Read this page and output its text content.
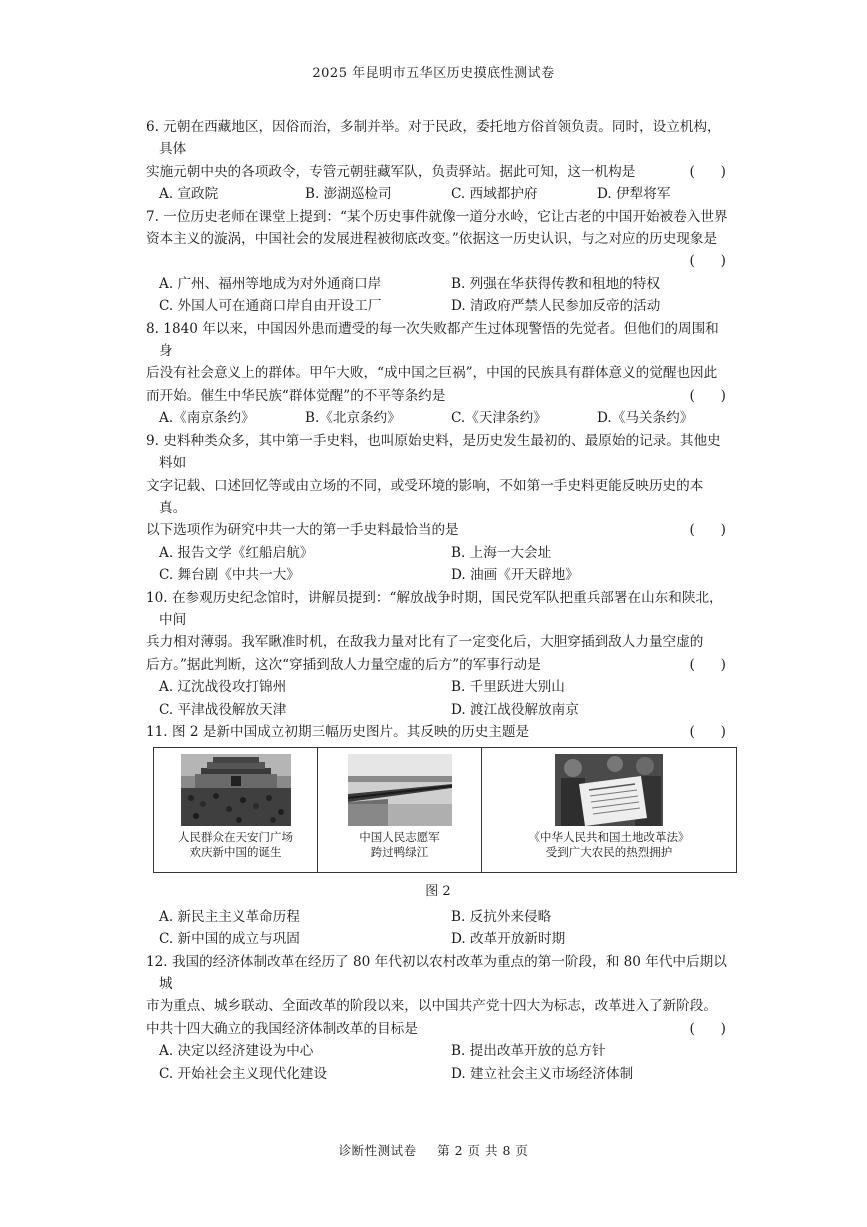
2025 年昆明市五华区历史摸底性测试卷
6. 元朝在西藏地区，因俗而治，多制并举。对于民政，委托地方俗首领负责。同时，设立机构，具体
实施元朝中央的各项政令，专管元朝驻藏军队，负责驿站。据此可知，这一机构是	(      )
A. 宣政院	B. 澎湖巡检司	C. 西域都护府	D. 伊犁将军
7. 一位历史老师在课堂上提到：“某个历史事件就像一道分水岭，它让古老的中国开始被卷入世界
资本主义的漩涡，中国社会的发展进程被彻底改变。”依据这一历史认识，与之对应的历史现象是
(      )
A. 广州、福州等地成为对外通商口岸	B. 列强在华获得传教和租地的特权
C. 外国人可在通商口岸自由开设工厂	D. 清政府严禁人民参加反帝的活动
8. 1840 年以来，中国因外患而遭受的每一次失败都产生过体现警悟的先觉者。但他们的周围和身
后没有社会意义上的群体。甲午大败，“成中国之巨祸”，中国的民族具有群体意义的觉醒也因此
而开始。催生中华民族“群体觉醒”的不平等条约是	(      )
A.《南京条约》	B.《北京条约》	C.《天津条约》	D.《马关条约》
9. 史料种类众多，其中第一手史料，也叫原始史料，是历史发生最初的、最原始的记录。其他史料如
文字记载、口述回忆等或由立场的不同，或受环境的影响，不如第一手史料更能反映历史的本真。
以下选项作为研究中共一大的第一手史料最恰当的是	(      )
A. 报告文学《红船启航》	B. 上海一大会址
C. 舞台剧《中共一大》	D. 油画《开天辟地》
10. 在参观历史纪念馆时，讲解员提到：“解放战争时期，国民党军队把重兵部署在山东和陕北，中间
兵力相对薄弱。我军瞅准时机，在敌我力量对比有了一定变化后，大胆穿插到敌人力量空虚的
后方。”据此判断，这次“穿插到敌人力量空虚的后方”的军事行动是	(      )
A. 辽沈战役攻打锦州	B. 千里跃进大别山
C. 平津战役解放天津	D. 渡江战役解放南京
11. 图 2 是新中国成立初期三幅历史图片。其反映的历史主题是	(      )
人民群众在天安门广场
欢庆新中国的诞生
中国人民志愿军
跨过鸭绿江
《中华人民共和国土地改革法》
受到广大农民的热烈拥护
图 2
A. 新民主主义革命历程	B. 反抗外来侵略
C. 新中国的成立与巩固	D. 改革开放新时期
12. 我国的经济体制改革在经历了 80 年代初以农村改革为重点的第一阶段，和 80 年代中后期以城
市为重点、城乡联动、全面改革的阶段以来，以中国共产党十四大为标志，改革进入了新阶段。
中共十四大确立的我国经济体制改革的目标是	(      )
A. 决定以经济建设为中心	B. 提出改革开放的总方针
C. 开始社会主义现代化建设	D. 建立社会主义市场经济体制
诊断性测试卷 第 2 页 共 8 页
